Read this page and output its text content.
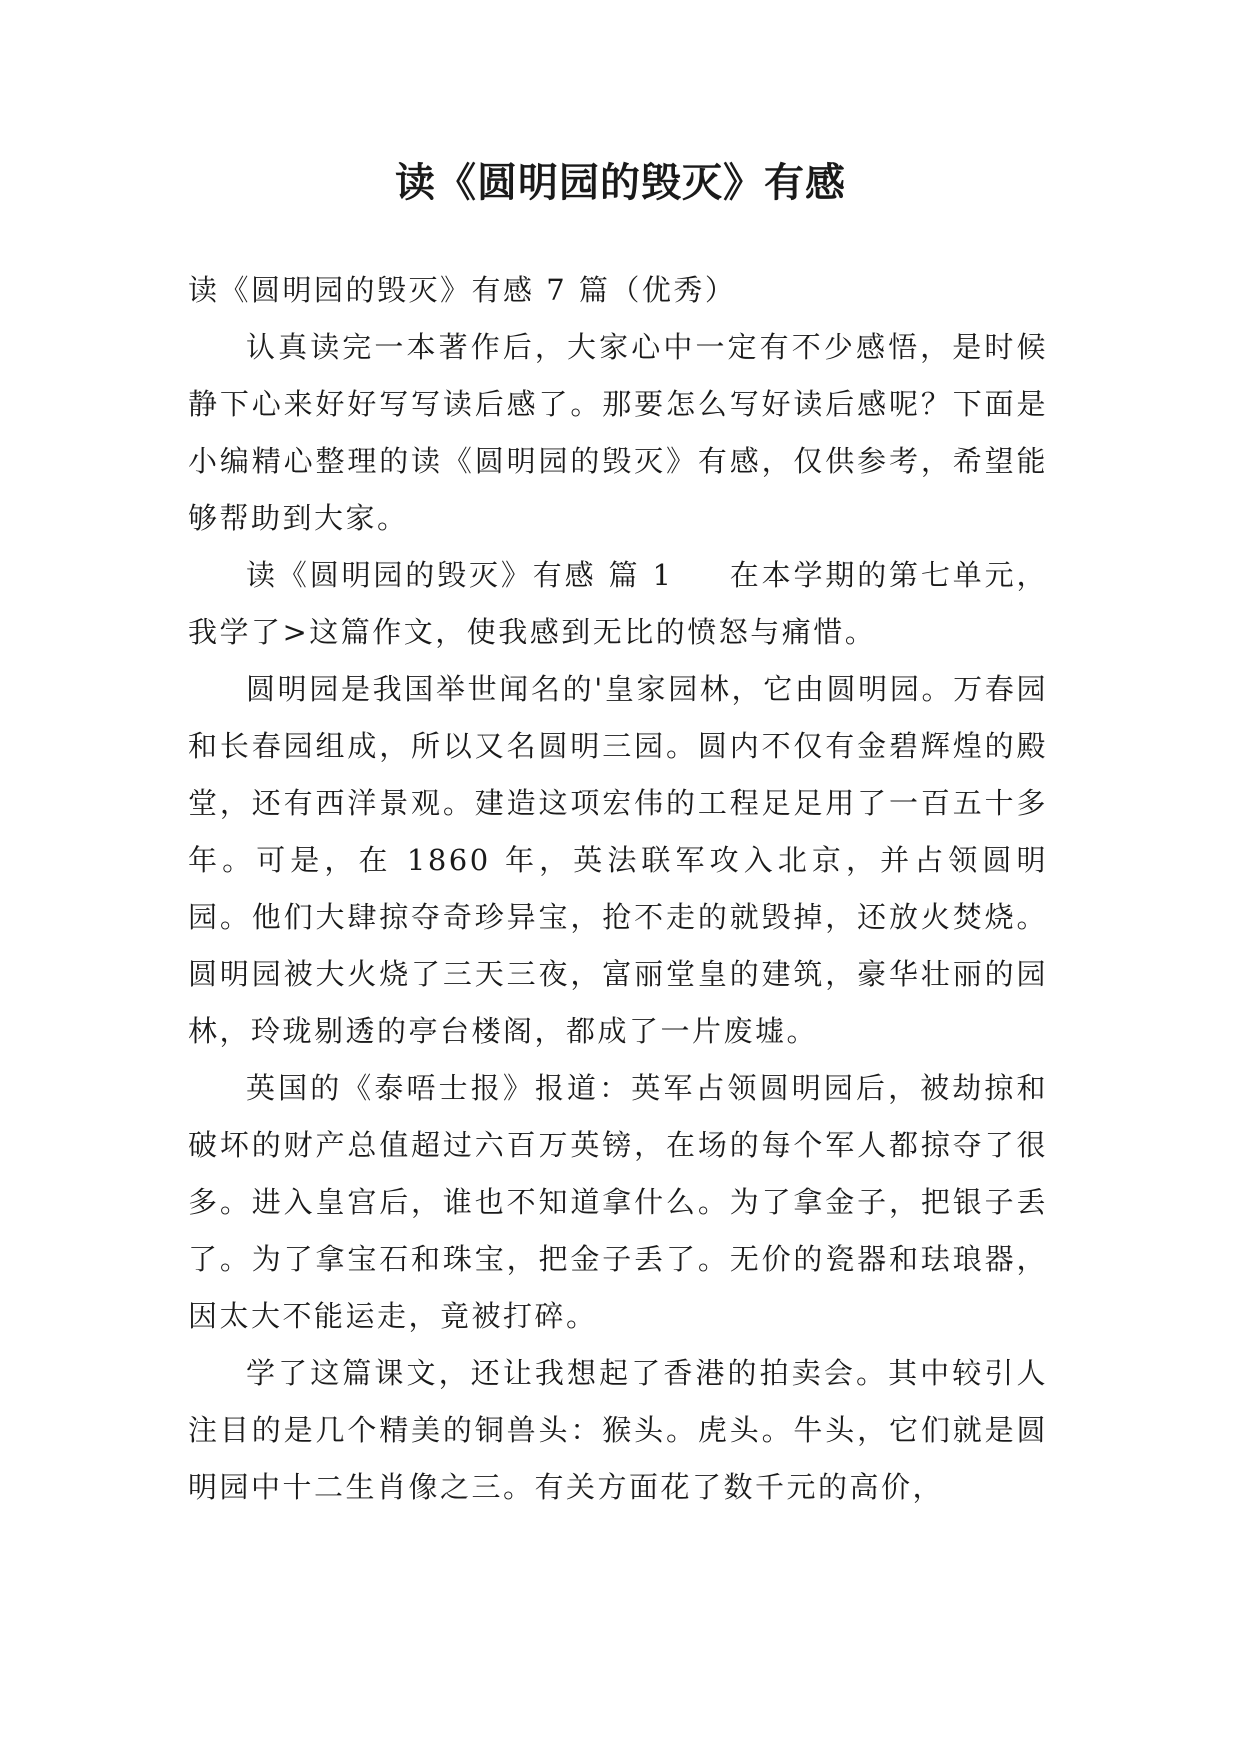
读《圆明园的毁灭》有感

读《圆明园的毁灭》有感 7 篇（优秀）

认真读完一本著作后，大家心中一定有不少感悟，是时候静下心来好好写写读后感了。那要怎么写好读后感呢？下面是小编精心整理的读《圆明园的毁灭》有感，仅供参考，希望能够帮助到大家。

读《圆明园的毁灭》有感 篇 1 在本学期的第七单元，我学了>这篇作文，使我感到无比的愤怒与痛惜。

圆明园是我国举世闻名的'皇家园林，它由圆明园。万春园和长春园组成，所以又名圆明三园。圆内不仅有金碧辉煌的殿堂，还有西洋景观。建造这项宏伟的工程足足用了一百五十多年。可是，在 1860 年，英法联军攻入北京，并占领圆明园。他们大肆掠夺奇珍异宝，抢不走的就毁掉，还放火焚烧。圆明园被大火烧了三天三夜，富丽堂皇的建筑，豪华壮丽的园林，玲珑剔透的亭台楼阁，都成了一片废墟。

英国的《泰唔士报》报道：英军占领圆明园后，被劫掠和破坏的财产总值超过六百万英镑，在场的每个军人都掠夺了很多。进入皇宫后，谁也不知道拿什么。为了拿金子，把银子丢了。为了拿宝石和珠宝，把金子丢了。无价的瓷器和珐琅器，因太大不能运走，竟被打碎。

学了这篇课文，还让我想起了香港的拍卖会。其中较引人注目的是几个精美的铜兽头：猴头。虎头。牛头，它们就是圆明园中十二生肖像之三。有关方面花了数千元的高价，
